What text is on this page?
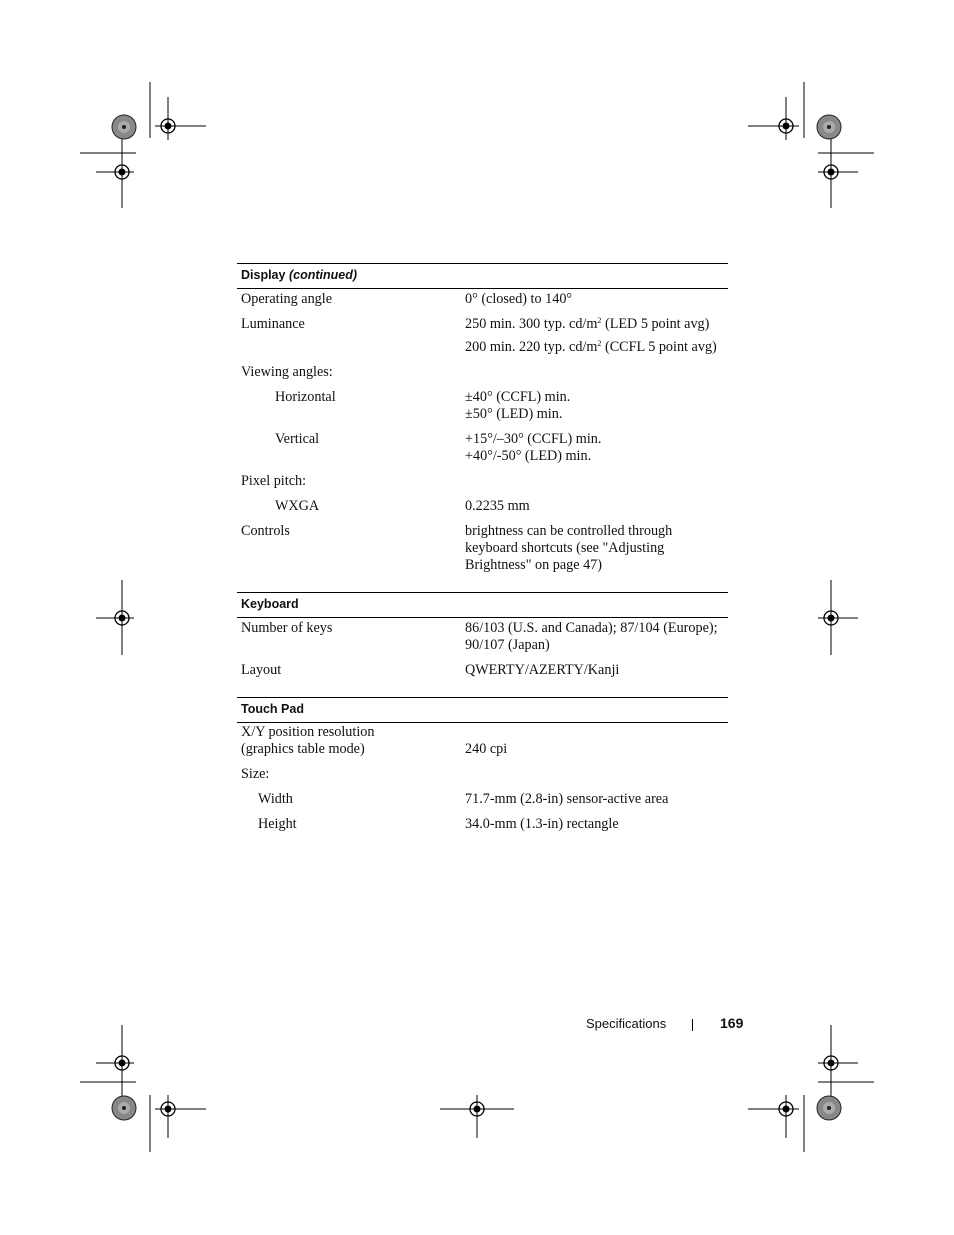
Display (continued)
Operating angle	0° (closed) to 140°
Luminance	250 min. 300 typ. $cd/m^2$ (LED 5 point avg)
200 min. 220 typ. $cd/m^2$ (CCFL 5 point avg)
Viewing angles:
Horizontal	±40° (CCFL) min.
±50° (LED) min.
Vertical	+15°/–30° (CCFL) min.
+40°/-50° (LED) min.
Pixel pitch:
WXGA	0.2235 mm
Controls	brightness can be controlled through
keyboard shortcuts (see "Adjusting
Brightness" on page 47)
Keyboard
Number of keys	86/103 (U.S. and Canada); 87/104 (Europe);
90/107 (Japan)
Layout	QWERTY/AZERTY/Kanji
Touch Pad
X/Y position resolution
(graphics table mode)	240 cpi
Size:
Width	71.7-mm (2.8-in) sensor-active area
Height	34.0-mm (1.3-in) rectangle
Specifications	169
